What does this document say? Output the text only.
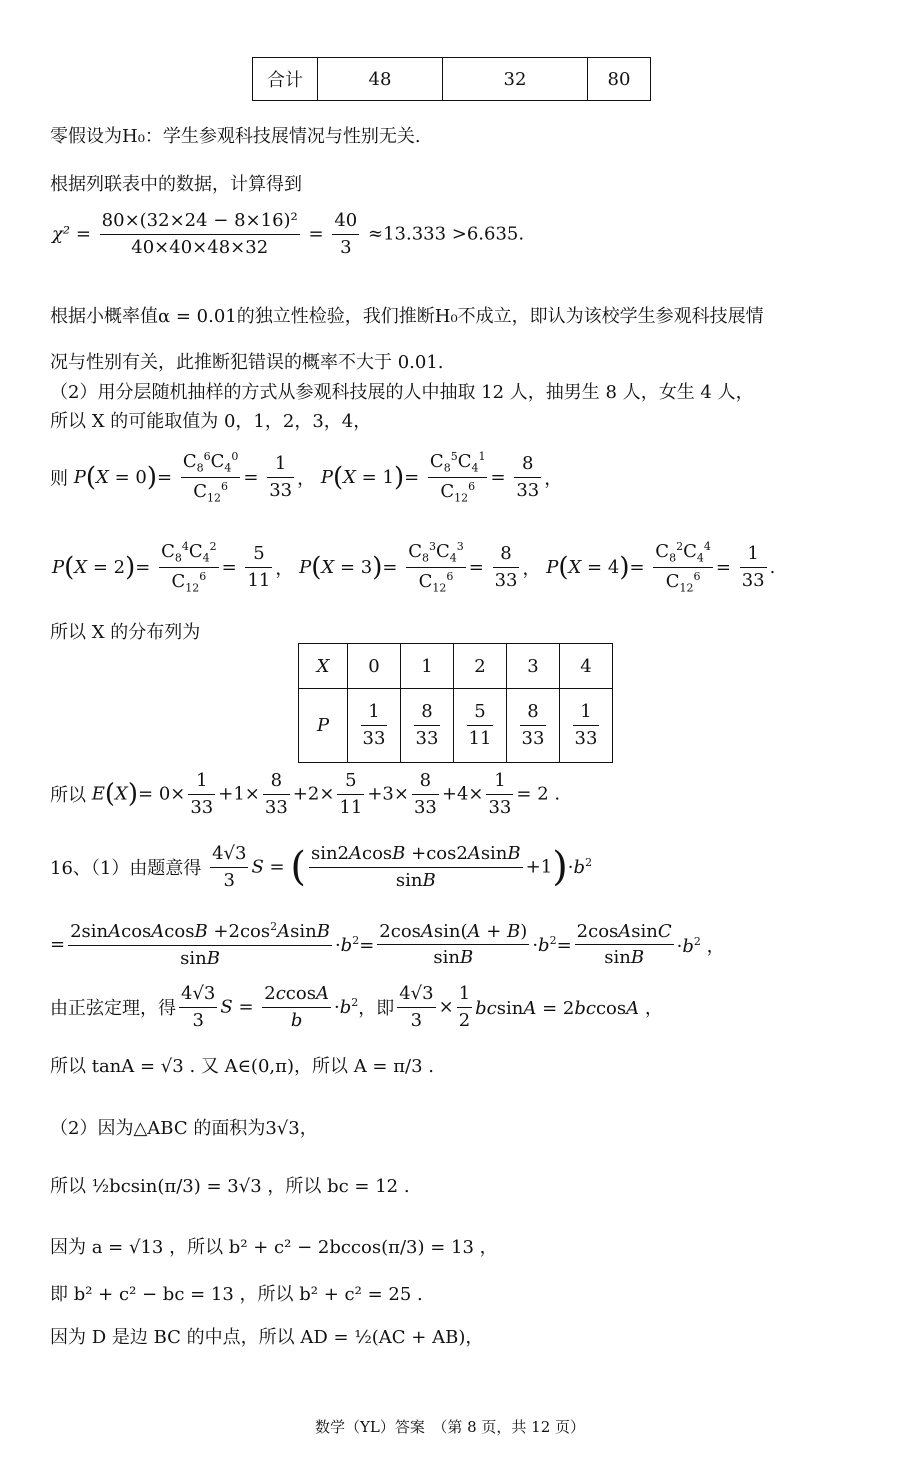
合计	48	32	80
零假设为H₀：学生参观科技展情况与性别无关.
根据列联表中的数据，计算得到
$\chi^2 = \frac{\text{80×(32×24 − 8×16)²}}{40\times 40\times 48\times 32} = \frac{40}{3} \approx 13.333 >6.635$.
根据小概率值α = 0.01的独立性检验，我们推断H₀不成立，即认为该校学生参观科技展情
况与性别有关，此推断犯错误的概率不大于 0.01.
（2）用分层随机抽样的方式从参观科技展的人中抽取 12 人，抽男生 8 人，女生 4 人，
所以 X 的可能取值为 0，1，2，3，4，
则 $P(X = 0)= \frac{C_8^6C_4^0}{C_{12}^6} = \frac{1}{33}$ ， $P(X = 1)= \frac{C_8^5C_4^1}{C_{12}^6} = \frac{8}{33}$ ，
$P(X = 2)= \frac{C_8^4C_4^2}{C_{12}^6} = \frac{5}{11}$ ， $P(X = 3)= \frac{C_8^3C_4^3}{C_{12}^6} = \frac{8}{33}$ ， $P(X = 4)= \frac{C_8^2C_4^4}{C_{12}^6} = \frac{1}{33}$ .
所以 X 的分布列为
X	0	1	2	3	4
P	$\frac{1}{33}$	$\frac{8}{33}$	$\frac{5}{11}$	$\frac{8}{33}$	$\frac{1}{33}$
所以 $E(X)= 0\times \frac{1}{33} +1\times \frac{8}{33} +2\times \frac{5}{11} +3\times \frac{8}{33} +4\times \frac{1}{33} = 2$ .
16、（1）由题意得 $\frac{4√3}{3}$ S = ( $\frac{\sin 2AcosB +\cos 2AsinB}{\sin B} +1)\cdot b^2$
= $\frac{2sinAcosAcosB +2\cos^2AsinB}{\sin B} \cdot b^2= \frac{\text{2cosAsin(A + B)}}{\sin B} \cdot b^2= \frac{\text{2cosAsinC}}{\sin B} \cdot b^2$ ，
由正弦定理，得 $\frac{4√3}{3}$ $S = \frac{2ccosA}{b} \cdot b^2$，即 $\frac{4√3}{3} \times \frac{1}{2}$ bcsinA = 2bccosA ，
所以 tanA = √3 . 又 A∈(0,π)，所以 A = π/3 .
（2）因为△ABC 的面积为3√3，
所以 ½bcsin(π/3) = 3√3 ，所以 bc = 12 .
因为 a = √13 ，所以 b² + c² − 2bccos(π/3) = 13 ，
即 b² + c² − bc = 13 ，所以 b² + c² = 25 .
因为 D 是边 BC 的中点，所以 AD = ½(AC + AB)，
数学（YL）答案　（第 8 页，共 12 页）
